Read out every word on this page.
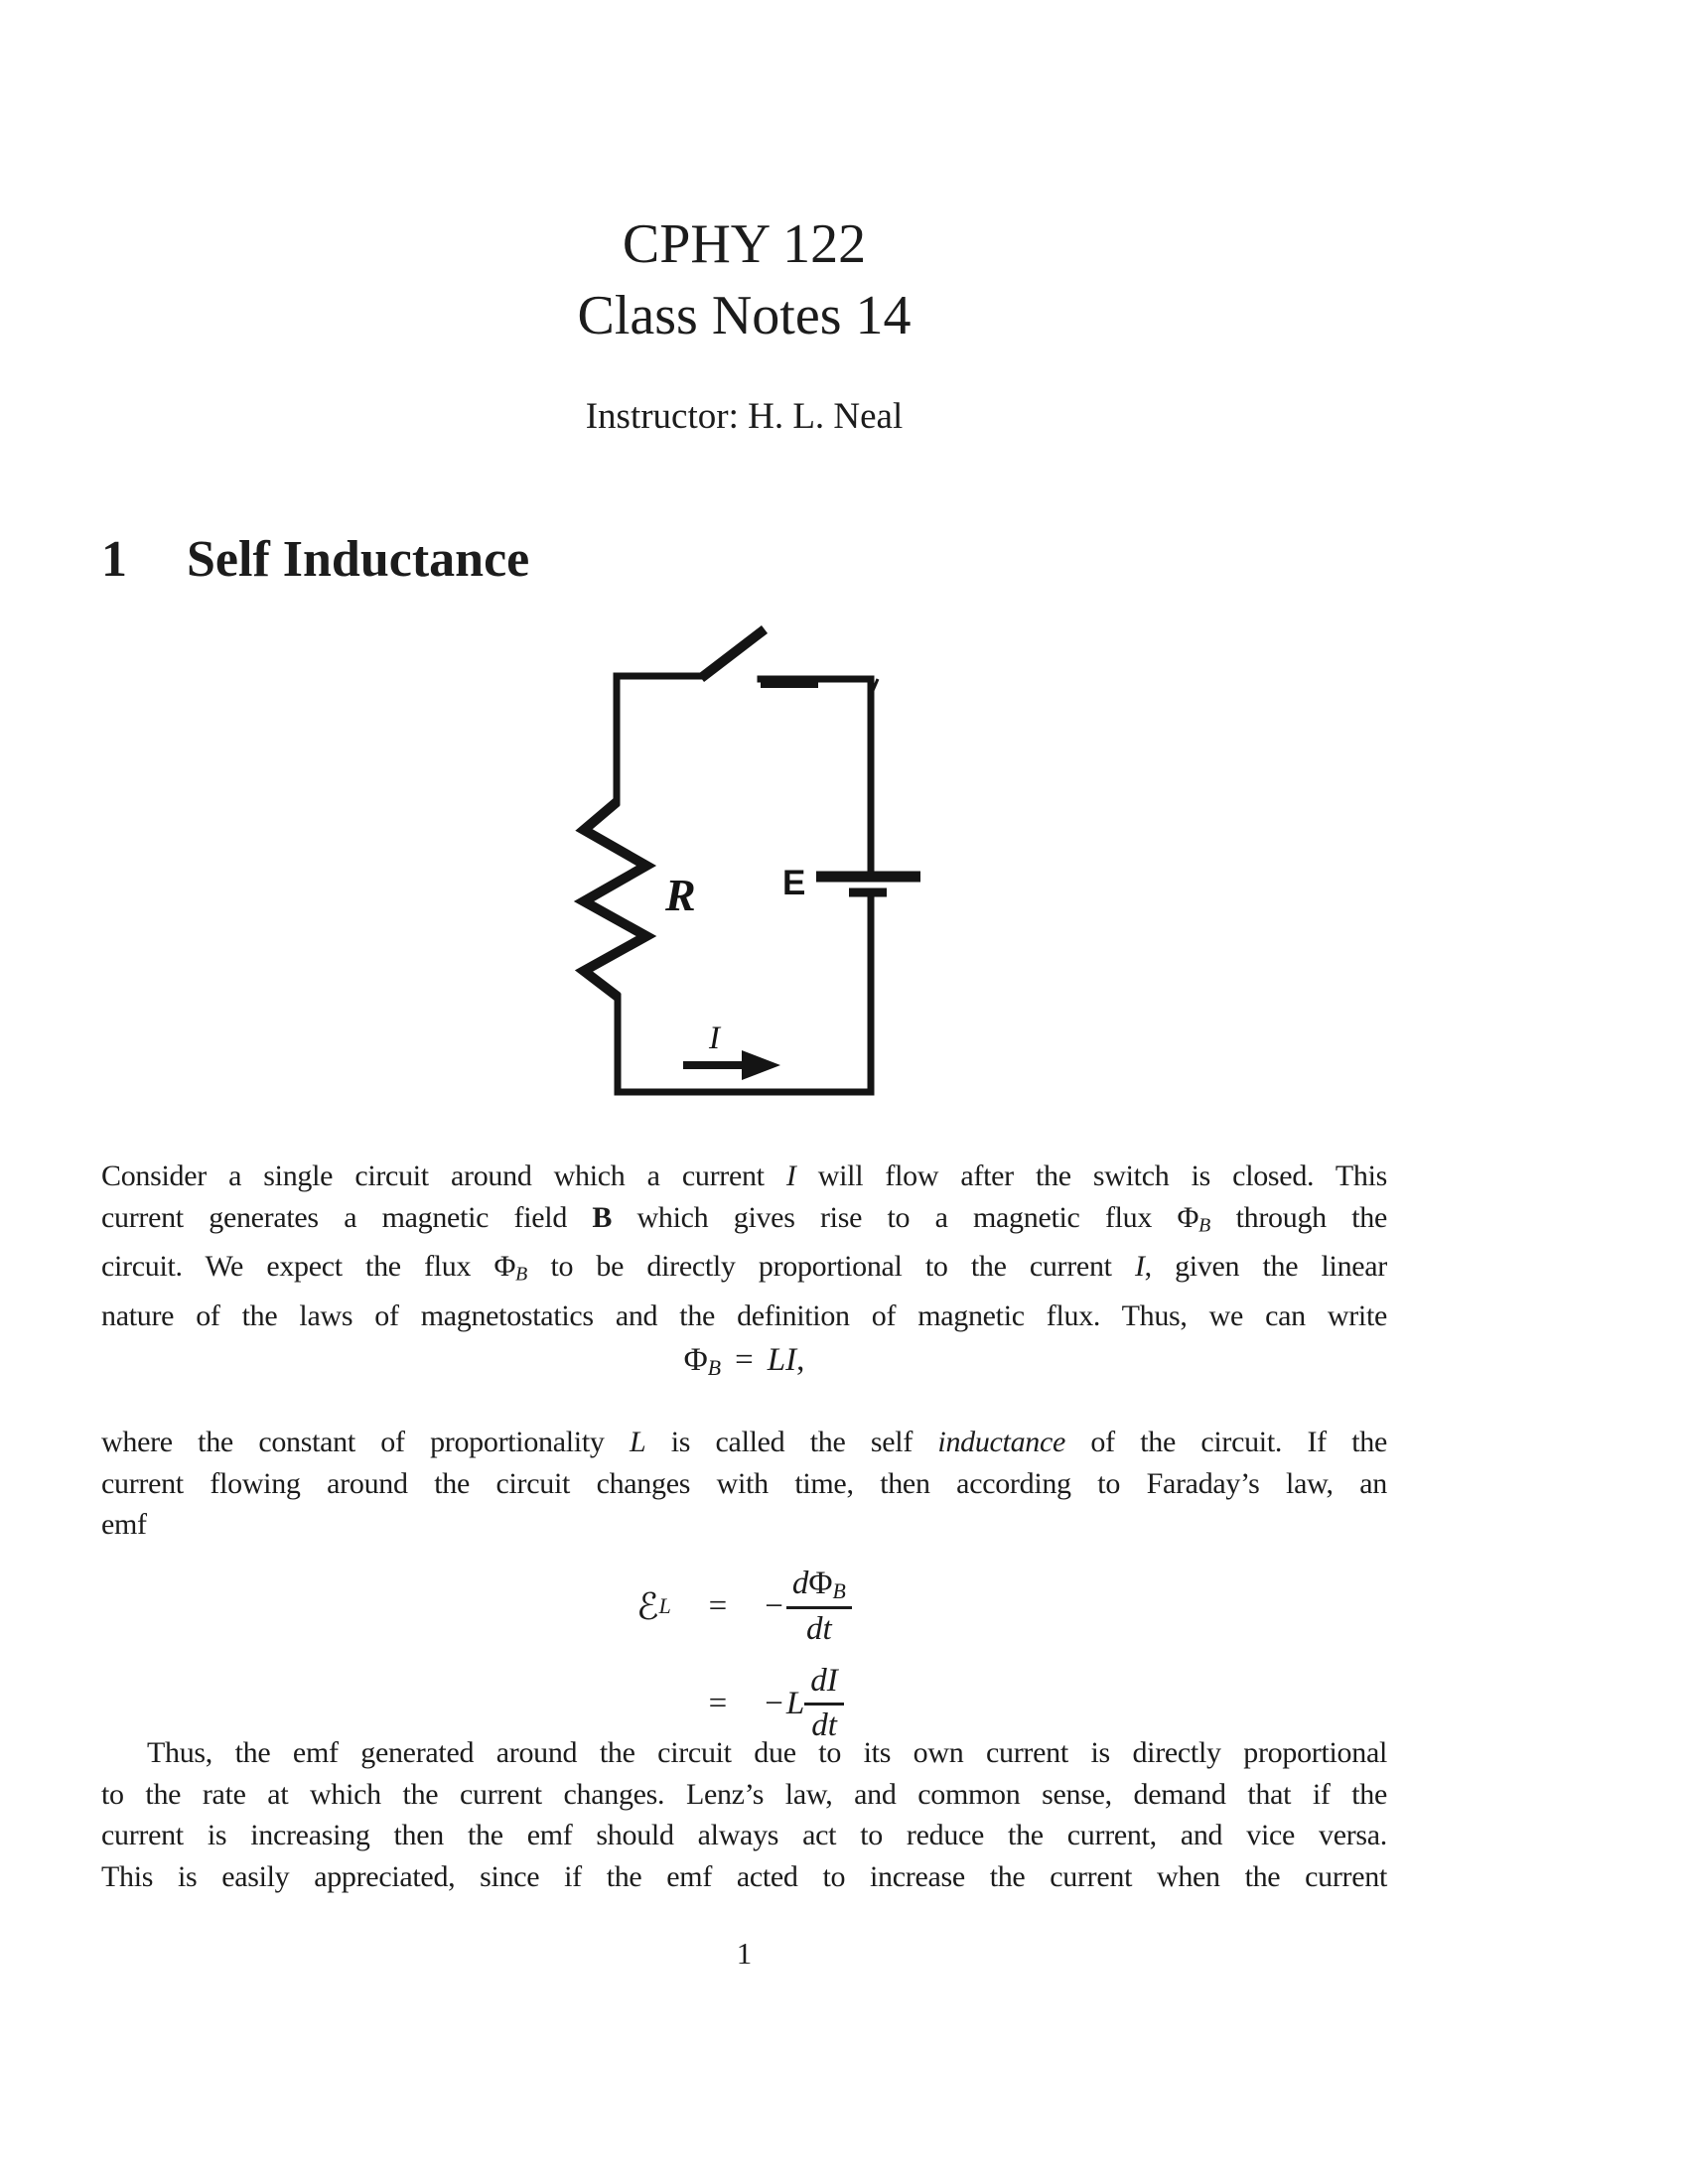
CPHY 122
Class Notes 14
Instructor: H. L. Neal
1 Self Inductance
R E
I
Consider a single circuit around which a current I will flow after the switch is closed. This
current generates a magnetic field B which gives rise to a magnetic flux ΦB through the
circuit. We expect the flux ΦB to be directly proportional to the current I, given the linear
nature of the laws of magnetostatics and the definition of magnetic flux. Thus, we can write
ΦB = LI,
where the constant of proportionality L is called the self inductance of the circuit. If the
current flowing around the circuit changes with time, then according to Faraday’s law, an
emf
ℰ L = − $\frac{\text{dΦB}}{dt}$
= − L $\frac{dI}{dt}$
Thus, the emf generated around the circuit due to its own current is directly proportional
to the rate at which the current changes. Lenz’s law, and common sense, demand that if the
current is increasing then the emf should always act to reduce the current, and vice versa.
This is easily appreciated, since if the emf acted to increase the current when the current
1
